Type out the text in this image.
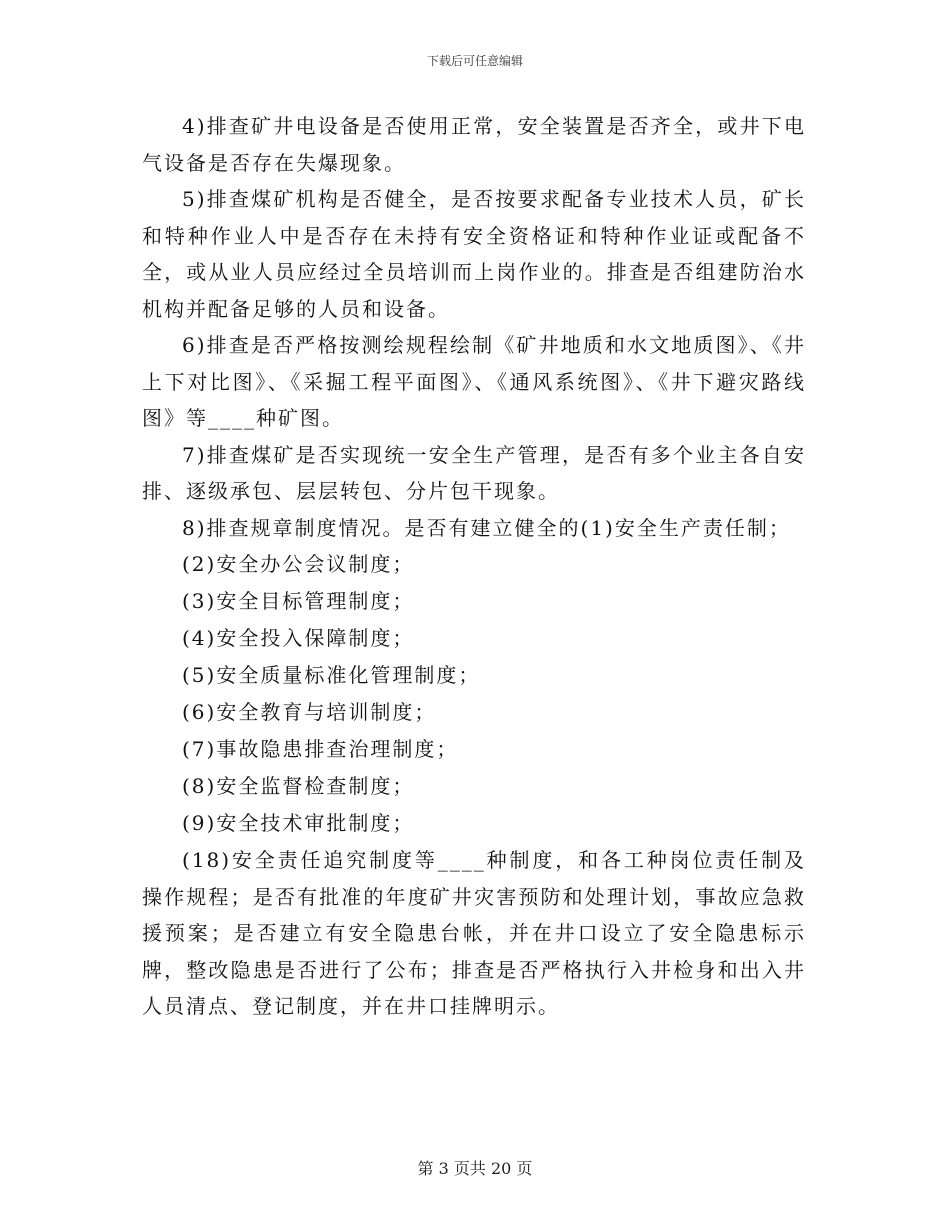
下载后可任意编辑

4)排查矿井电设备是否使用正常，安全装置是否齐全，或井下电气设备是否存在失爆现象。

5)排查煤矿机构是否健全，是否按要求配备专业技术人员，矿长和特种作业人中是否存在未持有安全资格证和特种作业证或配备不全，或从业人员应经过全员培训而上岗作业的。排查是否组建防治水机构并配备足够的人员和设备。

6)排查是否严格按测绘规程绘制《矿井地质和水文地质图》、《井上下对比图》、《采掘工程平面图》、《通风系统图》、《井下避灾路线图》等____种矿图。

7)排查煤矿是否实现统一安全生产管理，是否有多个业主各自安排、逐级承包、层层转包、分片包干现象。

8)排查规章制度情况。是否有建立健全的(1)安全生产责任制；

(2)安全办公会议制度；

(3)安全目标管理制度；

(4)安全投入保障制度；

(5)安全质量标准化管理制度；

(6)安全教育与培训制度；

(7)事故隐患排查治理制度；

(8)安全监督检查制度；

(9)安全技术审批制度；

(18)安全责任追究制度等____种制度，和各工种岗位责任制及操作规程；是否有批准的年度矿井灾害预防和处理计划，事故应急救援预案；是否建立有安全隐患台帐，并在井口设立了安全隐患标示牌，整改隐患是否进行了公布；排查是否严格执行入井检身和出入井人员清点、登记制度，并在井口挂牌明示。

第 3 页共 20 页
